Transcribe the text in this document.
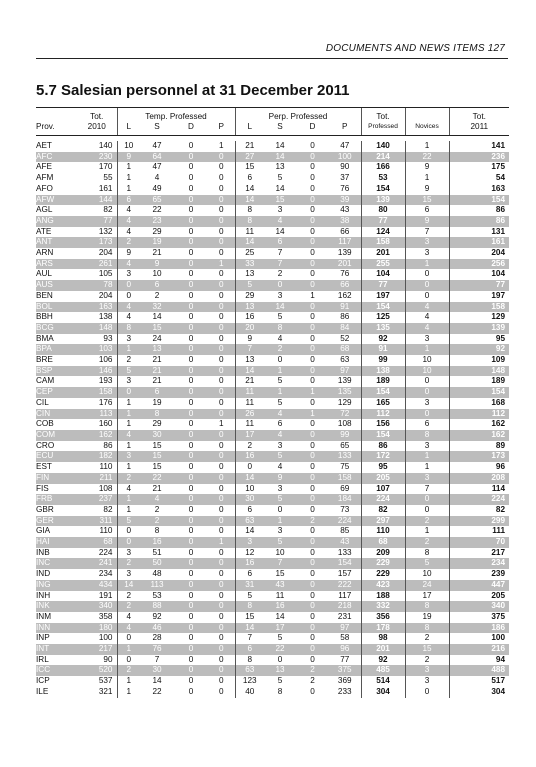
DOCUMENTS AND NEWS ITEMS 127
5.7 Salesian personnel at 31 December 2011
	Tot.	Temp. Professed				Perp. Professed				Tot.		Tot.
Prov.	2010	L	S	D	P	L	S	D	P	Professed	Novices	2011

AET	140	10	47	0	1	21	14	0	47	140	1	141
AFC	230	9	64	0	0	27	14	0	100	214	22	236
AFE	170	1	47	0	0	15	13	0	90	166	9	175
AFM	55	1	4	0	0	6	5	0	37	53	1	54
AFO	161	1	49	0	0	14	14	0	76	154	9	163
AFW	144	6	65	0	0	14	15	0	39	139	15	154
AGL	82	4	22	0	0	8	3	0	43	80	6	86
ANG	77	4	23	0	0	8	4	0	38	77	9	86
ATE	132	4	29	0	0	11	14	0	66	124	7	131
ANT	173	2	19	0	0	14	6	0	117	158	3	161
ARN	204	9	21	0	0	25	7	0	139	201	3	204
ARS	261	4	9	0	1	33	7	0	201	255	1	256
AUL	105	3	10	0	0	13	2	0	76	104	0	104
AUS	78	0	6	0	0	5	0	0	66	77	0	77
BEN	204	0	2	0	0	29	3	1	162	197	0	197
BOL	163	4	32	0	0	13	14	0	91	154	4	158
BBH	138	4	14	0	0	16	5	0	86	125	4	129
BCG	148	8	15	0	0	20	8	0	84	135	4	139
BMA	93	3	24	0	0	9	4	0	52	92	3	95
BPA	103	1	13	0	0	7	2	0	68	91	1	92
BRE	106	2	21	0	0	13	0	0	63	99	10	109
BSP	146	5	21	0	0	14	1	0	97	138	10	148
CAM	193	3	21	0	0	21	5	0	139	189	0	189
CEP	158	0	6	0	0	11	1	1	135	154	0	154
CIL	176	1	19	0	0	11	5	0	129	165	3	168
CIN	113	1	8	0	0	26	4	1	72	112	0	112
COB	160	1	29	0	1	11	6	0	108	156	6	162
COM	162	4	30	0	0	17	4	0	99	154	8	162
CRO	86	1	15	0	0	2	3	0	65	86	3	89
ECU	182	3	15	0	0	16	5	0	133	172	1	173
EST	110	1	15	0	0	0	4	0	75	95	1	96
FIN	211	2	22	0	0	14	9	0	158	205	3	208
FIS	108	4	21	0	0	10	3	0	69	107	7	114
FRB	237	1	4	0	0	30	5	0	184	224	0	224
GBR	82	1	2	0	0	6	0	0	73	82	0	82
GER	311	5	2	0	0	63	1	2	224	297	2	299
GIA	110	0	8	0	0	14	3	0	85	110	1	111
HAI	68	0	16	0	1	3	5	0	43	68	2	70
INB	224	3	51	0	0	12	10	0	133	209	8	217
INC	241	2	50	0	0	16	7	0	154	229	5	234
IND	234	3	48	0	0	6	15	0	157	229	10	239
ING	434	14	113	0	0	31	43	0	222	423	24	447
INH	191	2	53	0	0	5	11	0	117	188	17	205
INK	340	2	88	0	0	8	16	0	218	332	8	340
INM	358	4	92	0	0	15	14	0	231	356	19	375
INN	180	4	46	0	0	14	17	0	97	178	8	186
INP	100	0	28	0	0	7	5	0	58	98	2	100
INT	217	1	76	0	0	6	22	0	96	201	15	216
IRL	90	0	7	0	0	8	0	0	77	92	2	94
ICC	520	2	30	0	0	63	13	2	375	485	3	488
ICP	537	1	14	0	0	123	5	2	369	514	3	517
ILE	321	1	22	0	0	40	8	0	233	304	0	304
